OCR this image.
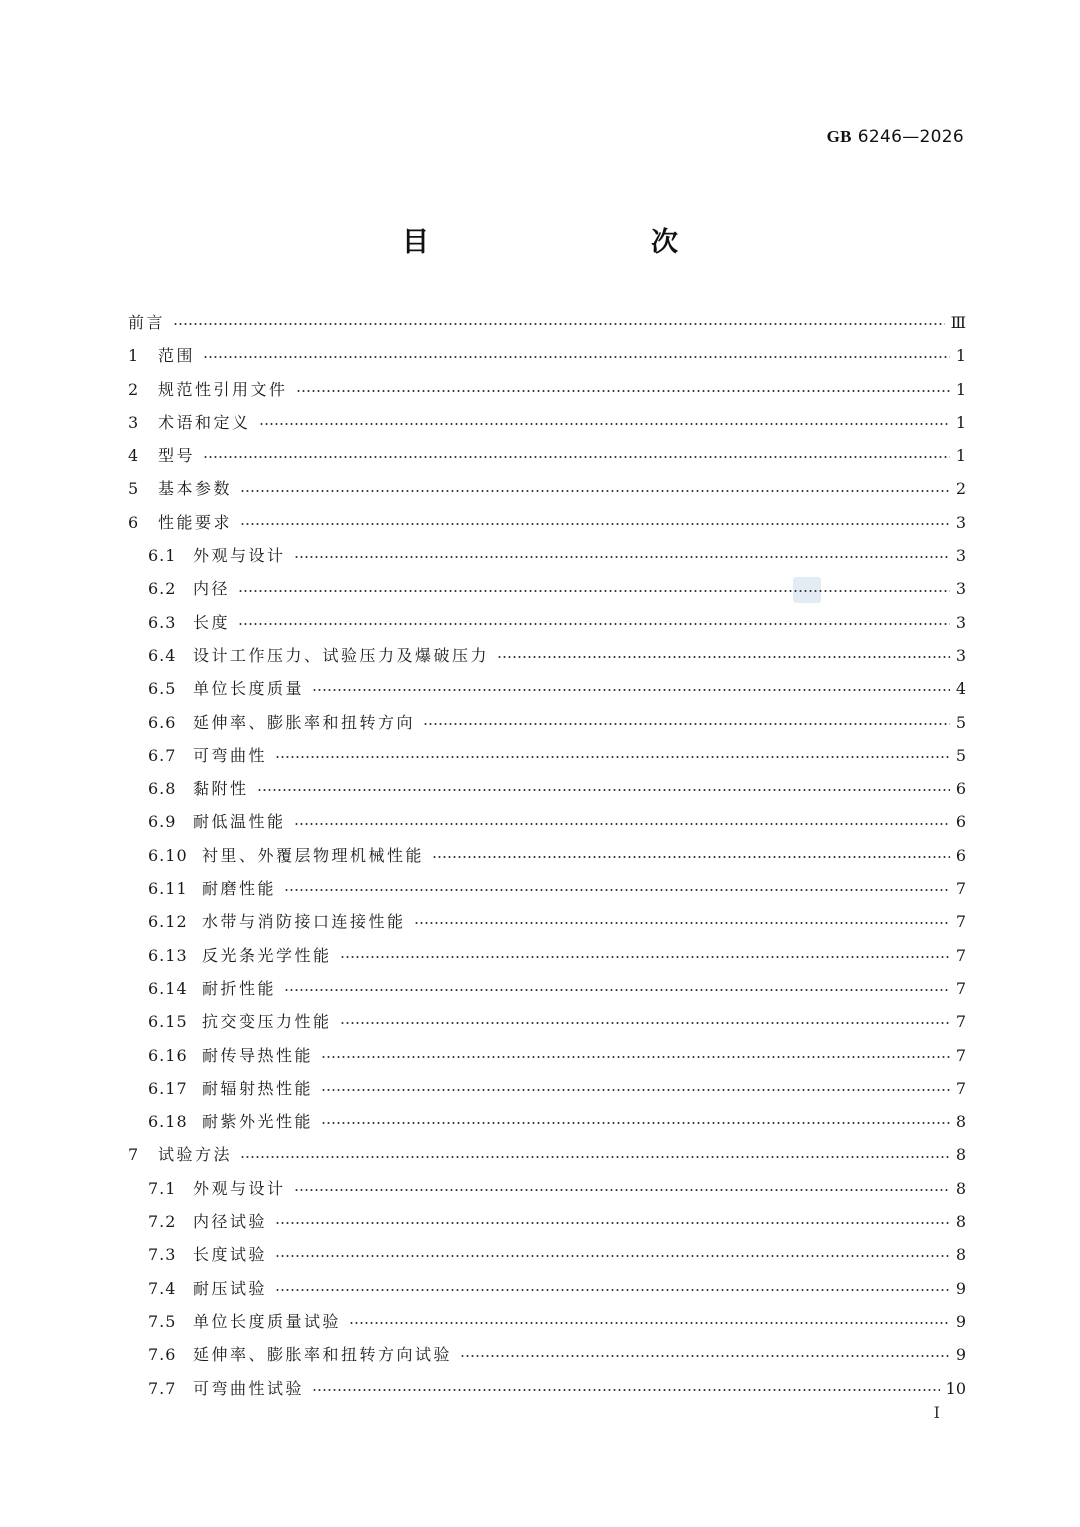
GB 6246—2026
目　　次
前言	Ⅲ
1	范围	1
2	规范性引用文件	1
3	术语和定义	1
4	型号	1
5	基本参数	2
6	性能要求	3
6.1	外观与设计	3
6.2	内径	3
6.3	长度	3
6.4	设计工作压力、试验压力及爆破压力	3
6.5	单位长度质量	4
6.6	延伸率、膨胀率和扭转方向	5
6.7	可弯曲性	5
6.8	黏附性	6
6.9	耐低温性能	6
6.10 衬里、外覆层物理机械性能	6
6.11 耐磨性能	7
6.12 水带与消防接口连接性能	7
6.13 反光条光学性能	7
6.14 耐折性能	7
6.15 抗交变压力性能	7
6.16 耐传导热性能	7
6.17 耐辐射热性能	7
6.18 耐紫外光性能	8
7	试验方法	8
7.1	外观与设计	8
7.2	内径试验	8
7.3	长度试验	8
7.4	耐压试验	9
7.5	单位长度质量试验	9
7.6	延伸率、膨胀率和扭转方向试验	9
7.7	可弯曲性试验	10
Ⅰ
